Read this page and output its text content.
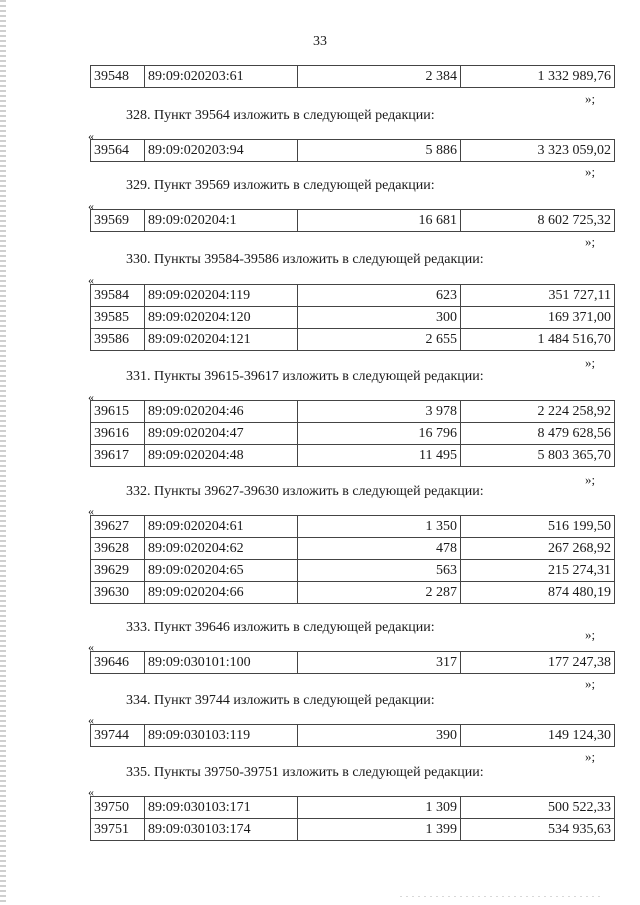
33
39548	89:09:020203:61	2 384	1 332 989,76
»;
328. Пункт 39564 изложить в следующей редакции:
«
39564	89:09:020203:94	5 886	3 323 059,02
»;
329. Пункт 39569 изложить в следующей редакции:
«
39569	89:09:020204:1	16 681	8 602 725,32
»;
330. Пункты 39584-39586 изложить в следующей редакции:
«
39584	89:09:020204:119	623	351 727,11
39585	89:09:020204:120	300	169 371,00
39586	89:09:020204:121	2 655	1 484 516,70
»;
331. Пункты 39615-39617 изложить в следующей редакции:
«
39615	89:09:020204:46	3 978	2 224 258,92
39616	89:09:020204:47	16 796	8 479 628,56
39617	89:09:020204:48	11 495	5 803 365,70
»;
332. Пункты 39627-39630 изложить в следующей редакции:
«
39627	89:09:020204:61	1 350	516 199,50
39628	89:09:020204:62	478	267 268,92
39629	89:09:020204:65	563	215 274,31
39630	89:09:020204:66	2 287	874 480,19
»;
333. Пункт 39646 изложить в следующей редакции:
«
39646	89:09:030101:100	317	177 247,38
»;
334. Пункт 39744 изложить в следующей редакции:
«
39744	89:09:030103:119	390	149 124,30
»;
335. Пункты 39750-39751 изложить в следующей редакции:
«
39750	89:09:030103:171	1 309	500 522,33
39751	89:09:030103:174	1 399	534 935,63
